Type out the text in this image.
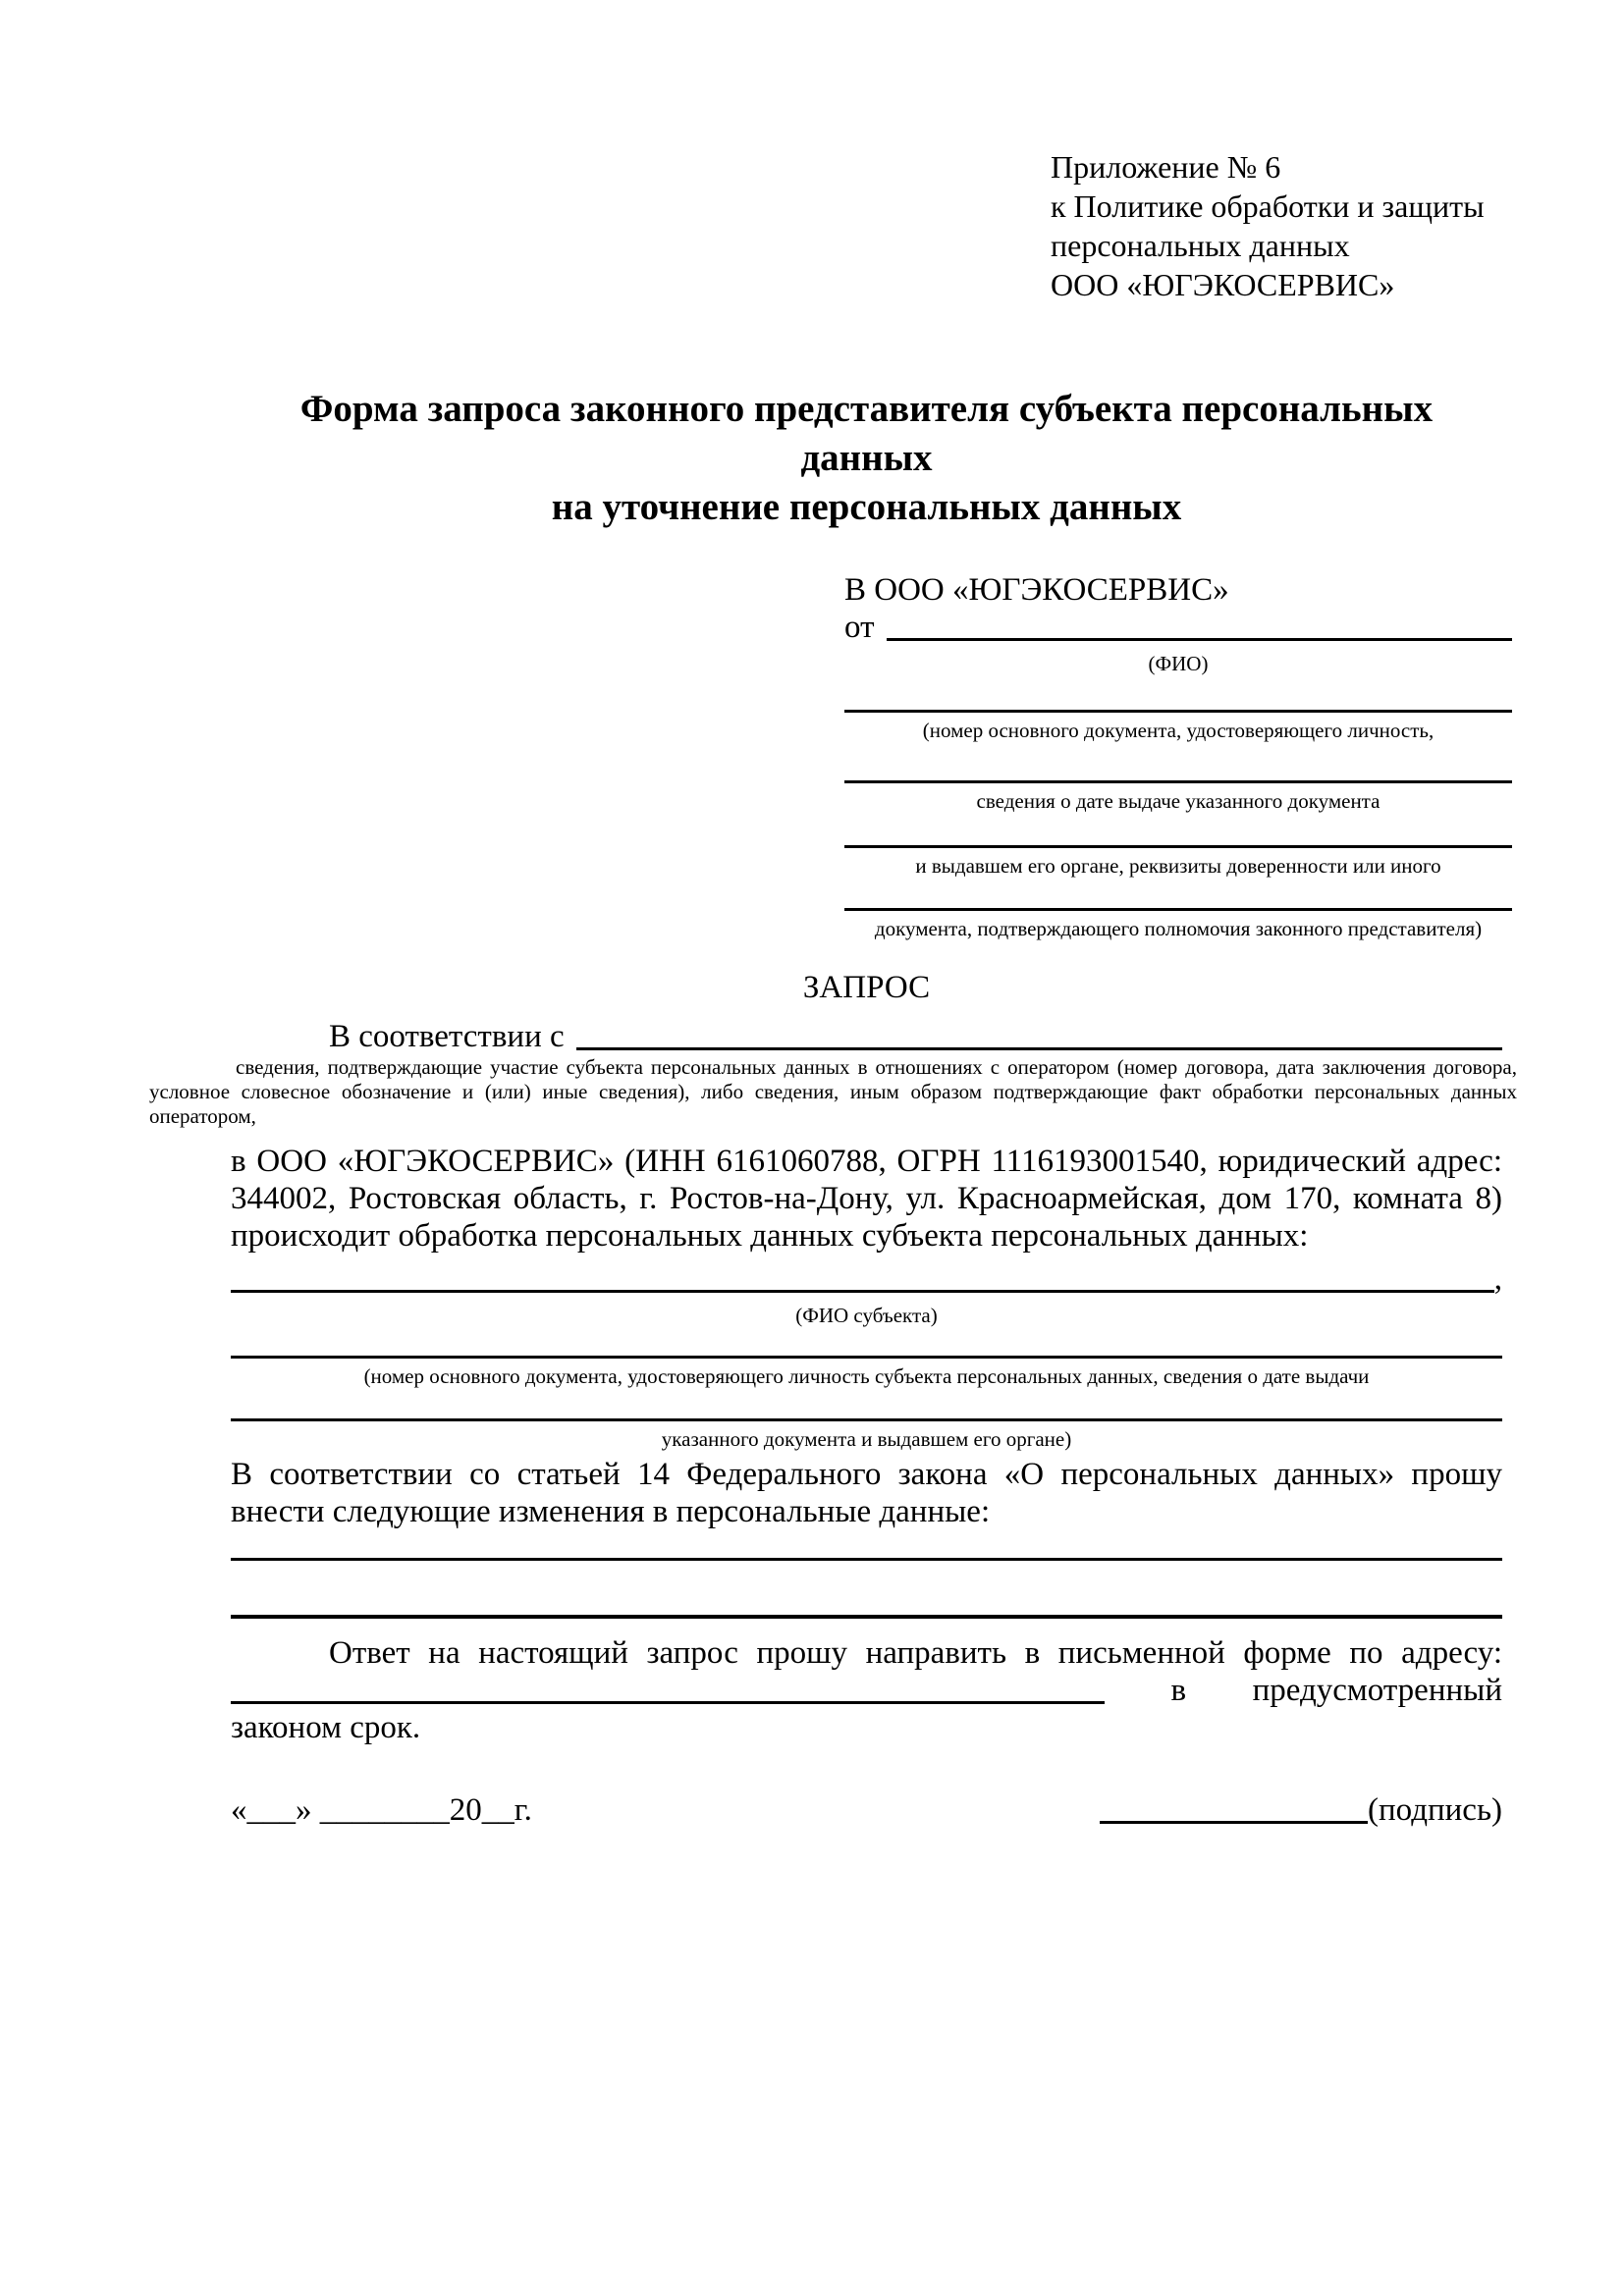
Приложение № 6
к Политике обработки и защиты
персональных данных
ООО «ЮГЭКОСЕРВИС»
Форма запроса законного представителя субъекта персональных данных
на уточнение персональных данных
В ООО «ЮГЭКОСЕРВИС»
от
(ФИО)
(номер основного документа, удостоверяющего личность,
сведения о дате выдаче указанного документа
и выдавшем его органе, реквизиты доверенности или иного
документа, подтверждающего полномочия законного представителя)
ЗАПРОС
В соответствии с
сведения, подтверждающие участие субъекта персональных данных в отношениях с оператором (номер договора, дата заключения договора, условное словесное обозначение и (или) иные сведения), либо сведения, иным образом подтверждающие факт обработки персональных данных оператором,

в ООО «ЮГЭКОСЕРВИС» (ИНН 6161060788, ОГРН 1116193001540, юридический адрес: 344002, Ростовская область, г. Ростов-на-Дону, ул. Красноармейская, дом 170, комната 8) происходит обработка персональных данных субъекта персональных данных:

,
(ФИО субъекта)
(номер основного документа, удостоверяющего личность субъекта персональных данных, сведения о дате выдачи
указанного документа и выдавшем его органе)

В соответствии со статьей 14 Федерального закона «О персональных данных» прошу внести следующие изменения в персональные данные:

Ответ на настоящий запрос прошу направить в письменной форме по адресу:

в предусмотренный
законом срок.
«___» ________20__г.	(подпись)
